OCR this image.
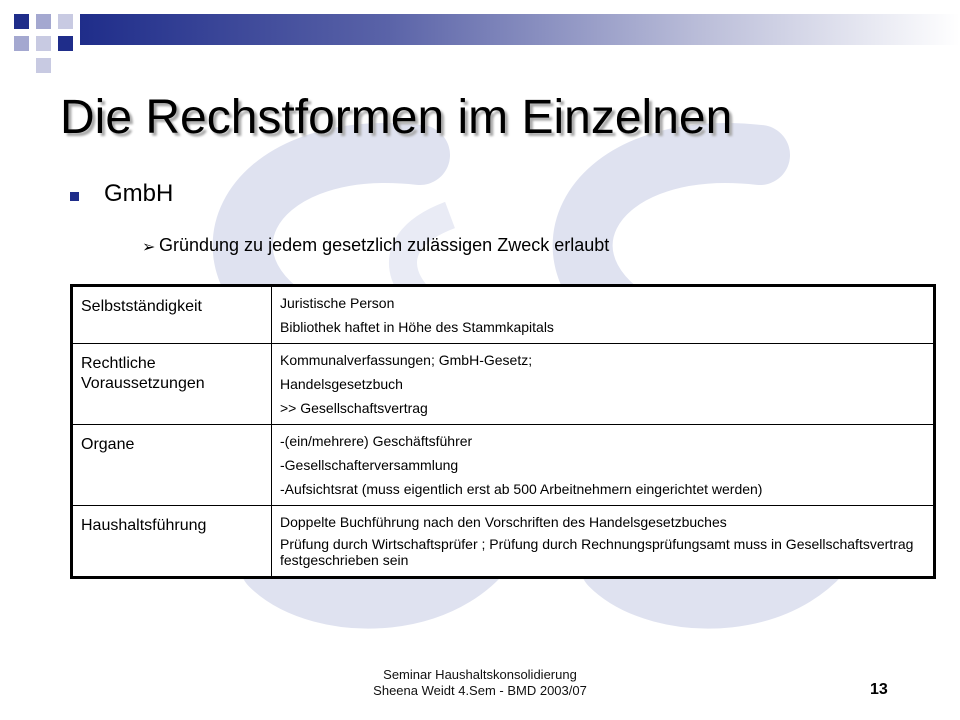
Die Rechstformen im Einzelnen
GmbH
➢ Gründung zu jedem gesetzlich zulässigen Zweck erlaubt
Selbstständigkeit	Juristische Person
Bibliothek haftet in Höhe des Stammkapitals

Rechtliche Voraussetzungen	Kommunalverfassungen; GmbH-Gesetz;
Handelsgesetzbuch
>> Gesellschaftsvertrag

Organe	-(ein/mehrere) Geschäftsführer
-Gesellschafterversammlung
-Aufsichtsrat (muss eigentlich erst ab 500 Arbeitnehmern eingerichtet werden)

Haushaltsführung	Doppelte Buchführung nach den Vorschriften des Handelsgesetzbuches
Prüfung durch Wirtschaftsprüfer ; Prüfung durch Rechnungsprüfungsamt muss in Gesellschaftsvertrag festgeschrieben sein
Seminar Haushaltskonsolidierung
Sheena Weidt 4.Sem - BMD 2003/07	13
